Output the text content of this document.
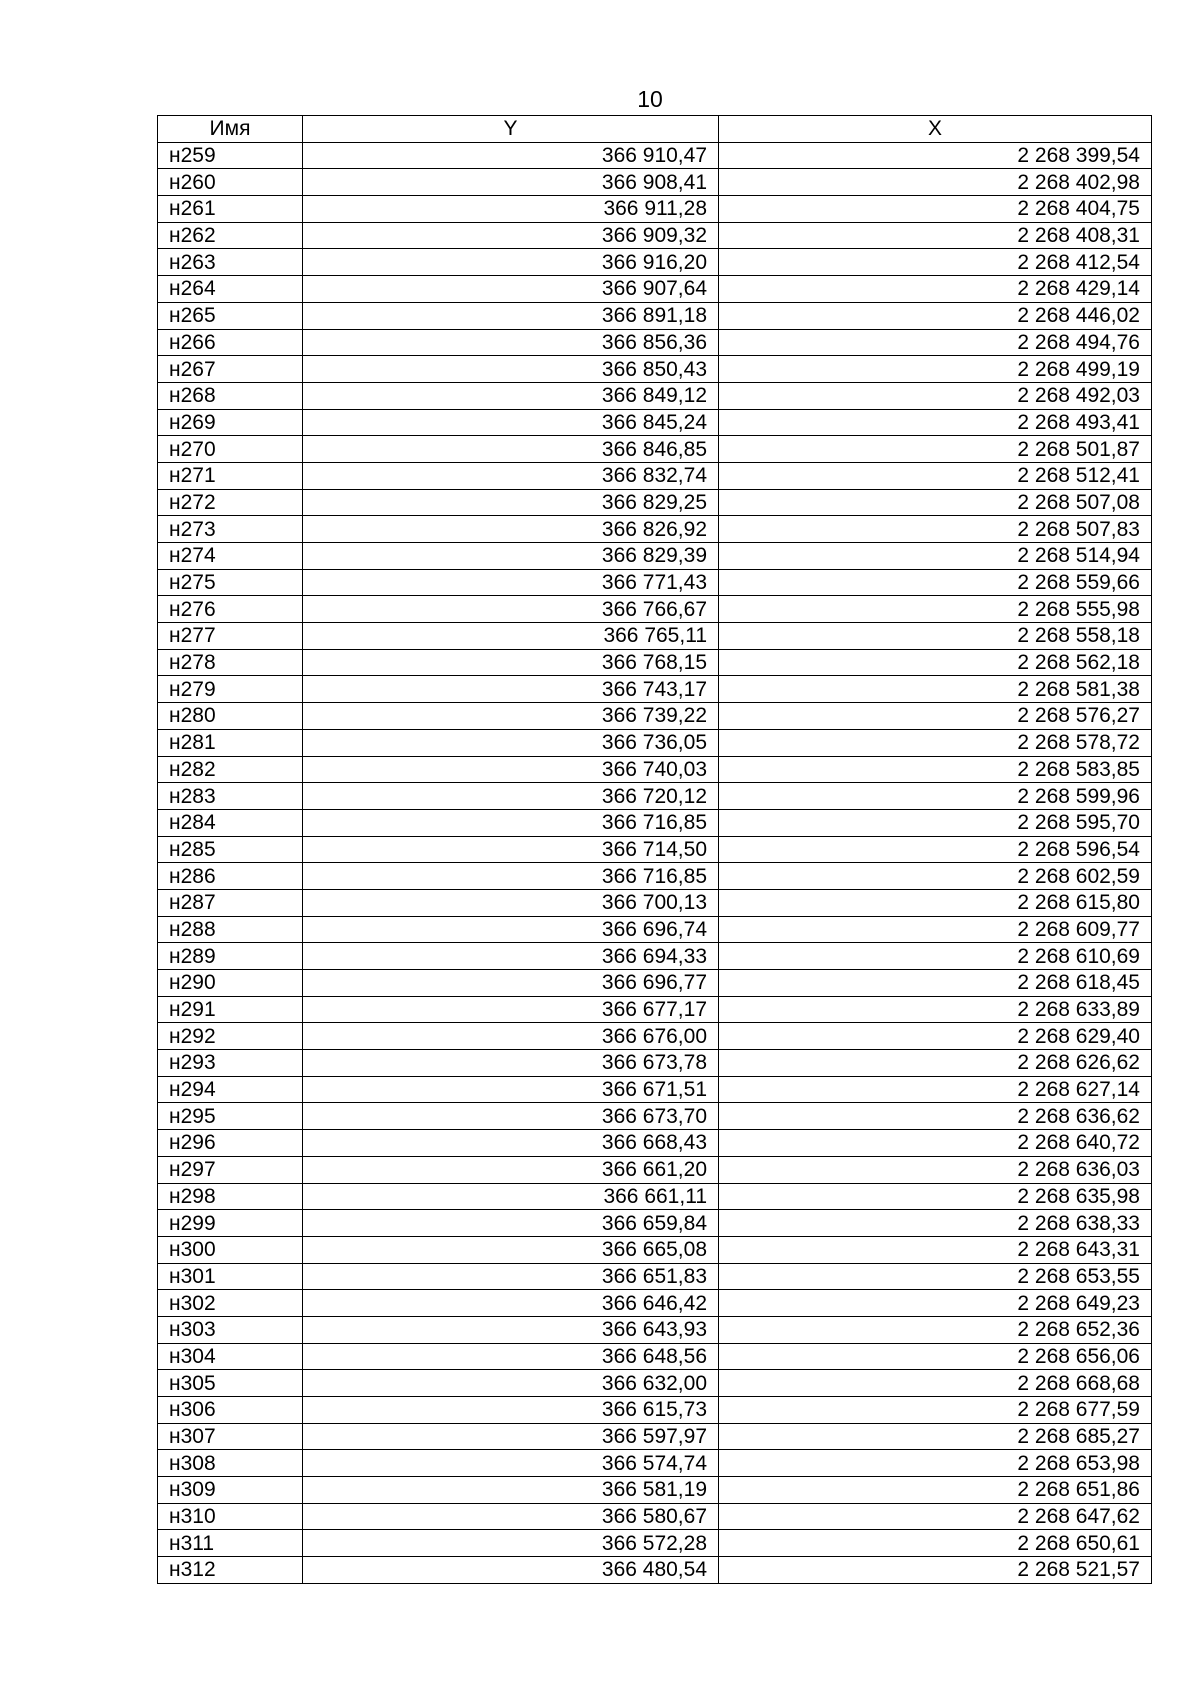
10
Имя	Y	X
н259	366 910,47	2 268 399,54
н260	366 908,41	2 268 402,98
н261	366 911,28	2 268 404,75
н262	366 909,32	2 268 408,31
н263	366 916,20	2 268 412,54
н264	366 907,64	2 268 429,14
н265	366 891,18	2 268 446,02
н266	366 856,36	2 268 494,76
н267	366 850,43	2 268 499,19
н268	366 849,12	2 268 492,03
н269	366 845,24	2 268 493,41
н270	366 846,85	2 268 501,87
н271	366 832,74	2 268 512,41
н272	366 829,25	2 268 507,08
н273	366 826,92	2 268 507,83
н274	366 829,39	2 268 514,94
н275	366 771,43	2 268 559,66
н276	366 766,67	2 268 555,98
н277	366 765,11	2 268 558,18
н278	366 768,15	2 268 562,18
н279	366 743,17	2 268 581,38
н280	366 739,22	2 268 576,27
н281	366 736,05	2 268 578,72
н282	366 740,03	2 268 583,85
н283	366 720,12	2 268 599,96
н284	366 716,85	2 268 595,70
н285	366 714,50	2 268 596,54
н286	366 716,85	2 268 602,59
н287	366 700,13	2 268 615,80
н288	366 696,74	2 268 609,77
н289	366 694,33	2 268 610,69
н290	366 696,77	2 268 618,45
н291	366 677,17	2 268 633,89
н292	366 676,00	2 268 629,40
н293	366 673,78	2 268 626,62
н294	366 671,51	2 268 627,14
н295	366 673,70	2 268 636,62
н296	366 668,43	2 268 640,72
н297	366 661,20	2 268 636,03
н298	366 661,11	2 268 635,98
н299	366 659,84	2 268 638,33
н300	366 665,08	2 268 643,31
н301	366 651,83	2 268 653,55
н302	366 646,42	2 268 649,23
н303	366 643,93	2 268 652,36
н304	366 648,56	2 268 656,06
н305	366 632,00	2 268 668,68
н306	366 615,73	2 268 677,59
н307	366 597,97	2 268 685,27
н308	366 574,74	2 268 653,98
н309	366 581,19	2 268 651,86
н310	366 580,67	2 268 647,62
н311	366 572,28	2 268 650,61
н312	366 480,54	2 268 521,57
